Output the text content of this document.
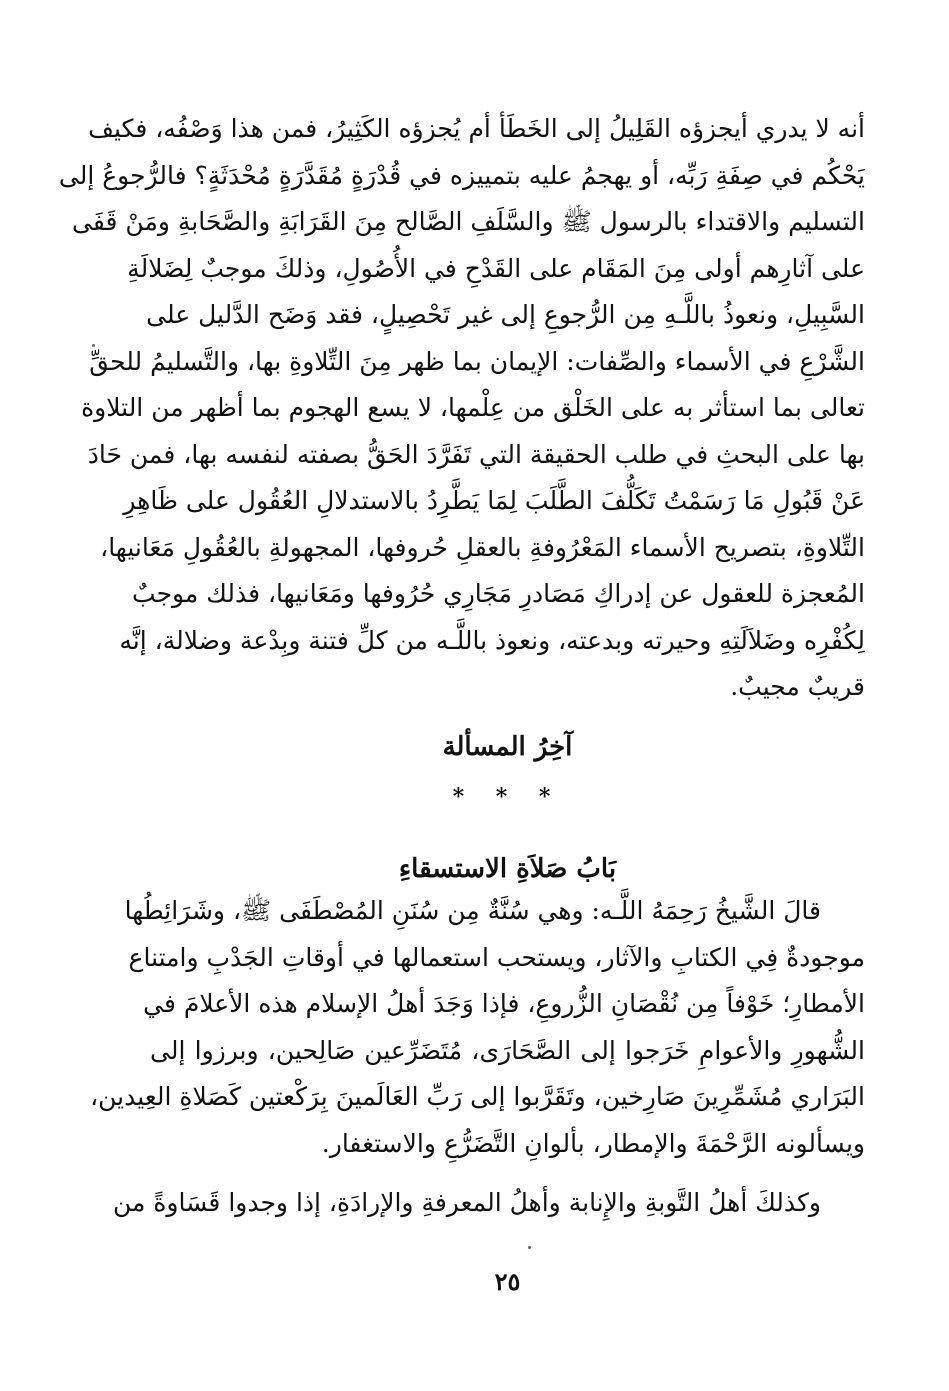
أنه لا يدري أيجزؤه القَلِيلُ إلى الخَطَأ أم يُجزؤه الكَثِيرُ، فمن هذا وَصْفُه، فكيف
يَحْكُم في صِفَةِ رَبِّه، أو يهجمُ عليه بتمييزه في قُدْرَةٍ مُقَدَّرَةٍ مُحْدَثَةٍ؟ فالرُّجوعُ إلى
التسليم والاقتداء بالرسول ﷺ والسَّلَفِ الصَّالح مِنَ القَرَابَةِ والصَّحَابةِ ومَنْ قَفَى
على آثارِهم أولى مِنَ المَقَام على القَدْحِ في الأُصُولِ، وذلكَ موجبٌ لِضَلالَةِ
السَّبِيلِ، ونعوذُ باللَّـهِ مِن الرُّجوعِ إلى غير تَحْصِيلٍ، فقد وَضَح الدَّليل على
الشَّرْعِ في الأسماء والصِّفات: الإيمان بما ظهر مِنَ التِّلاوةِ بها، والتَّسليمُ للحقِّ
تعالى بما استأثر به على الخَلْق من عِلْمها، لا يسع الهجوم بما أظهر من التلاوة
بها على البحثِ في طلب الحقيقة التي تَفَرَّدَ الحَقُّ بصفته لنفسه بها، فمن حَادَ
عَنْ قَبُولِ مَا رَسَمْتُ تَكَلُّفَ الطَّلَبَ لِمَا يَطَّرِدُ بالاستدلالِ العُقُول على ظَاهِرِ
التِّلاوةِ، بتصريح الأسماء المَعْرُوفةِ بالعقلِ حُروفها، المجهولةِ بالعُقُولِ مَعَانيها،
المُعجزة للعقول عن إدراكِ مَصَادرِ مَجَارِي حُرُوفها ومَعَانيها، فذلك موجبٌ
لِكُفْرِه وضَلاَلَتِهِ وحيرته وبدعته، ونعوذ باللَّـه من كلِّ فتنة وبِدْعة وضلالة، إنَّه
قريبٌ مجيبٌ.
آخِرُ المسألة
* * *
بَابُ صَلاَةِ الاستسقاءِ
قالَ الشَّيخُ رَحِمَهُ اللَّـه: وهي سُنَّةٌ مِن سُنَنِ المُصْطَفَى ﷺ، وشَرَائِطُها
موجودةٌ فِي الكتابِ والآثار، ويستحب استعمالها في أوقاتِ الجَدْبِ وامتناع
الأمطارِ؛ خَوْفاً مِن نُقْصَانِ الزُّروعِ، فإذا وَجَدَ أهلُ الإسلام هذه الأعلامَ في
الشُّهورِ والأعوامِ خَرَجوا إلى الصَّحَارَى، مُتَضَرِّعين صَالِحين، وبرزوا إلى
البَرَاري مُشَمِّرِينَ صَارِخين، وتَقَرَّبوا إلى رَبِّ العَالَمينَ بِرَكْعتين كَصَلاةِ العِيدين،
ويسألونه الرَّحْمَةَ والإمطار، بألوانِ التَّضَرُّعِ والاستغفار.
وكذلكَ أهلُ التَّوبةِ والإِنابة وأهلُ المعرفةِ والإرادَةِ، إذا وجدوا قَسَاوةً من
٢٥
